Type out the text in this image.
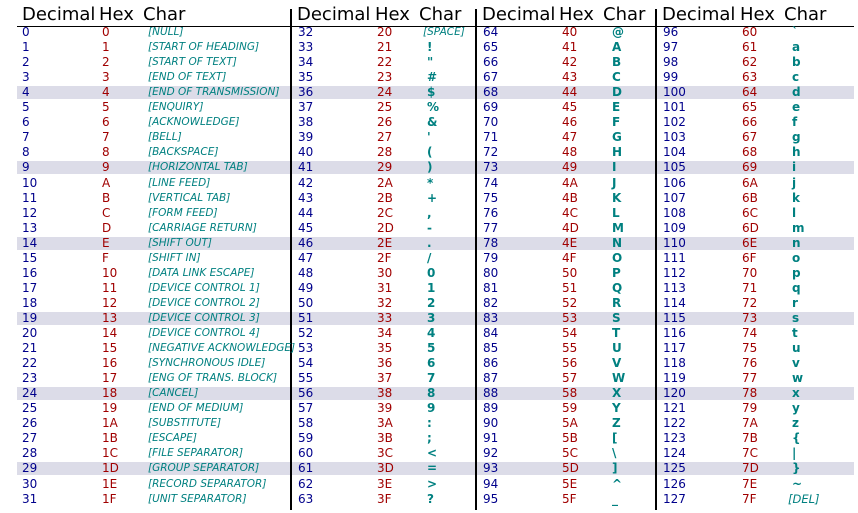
Decimal Hex Char
0	0	[NULL]
1	1	[START OF HEADING]
2	2	[START OF TEXT]
3	3	[END OF TEXT]
4	4	[END OF TRANSMISSION]
5	5	[ENQUIRY]
6	6	[ACKNOWLEDGE]
7	7	[BELL]
8	8	[BACKSPACE]
9	9	[HORIZONTAL TAB]
10	A	[LINE FEED]
11	B	[VERTICAL TAB]
12	C	[FORM FEED]
13	D	[CARRIAGE RETURN]
14	E	[SHIFT OUT]
15	F	[SHIFT IN]
16	10	[DATA LINK ESCAPE]
17	11	[DEVICE CONTROL 1]
18	12	[DEVICE CONTROL 2]
19	13	[DEVICE CONTROL 3]
20	14	[DEVICE CONTROL 4]
21	15	[NEGATIVE ACKNOWLEDGE]
22	16	[SYNCHRONOUS IDLE]
23	17	[ENG OF TRANS. BLOCK]
24	18	[CANCEL]
25	19	[END OF MEDIUM]
26	1A	[SUBSTITUTE]
27	1B	[ESCAPE]
28	1C	[FILE SEPARATOR]
29	1D	[GROUP SEPARATOR]
30	1E	[RECORD SEPARATOR]
31	1F	[UNIT SEPARATOR]
Decimal Hex Char
32	20	[SPACE]
33	21	!
34	22	"
35	23	#
36	24	$
37	25	%
38	26	&
39	27	'
40	28	(
41	29	)
42	2A	*
43	2B	+
44	2C	,
45	2D	-
46	2E	.
47	2F	/
48	30	0
49	31	1
50	32	2
51	33	3
52	34	4
53	35	5
54	36	6
55	37	7
56	38	8
57	39	9
58	3A	:
59	3B	;
60	3C	<
61	3D	=
62	3E	>
63	3F	?
Decimal Hex Char
64	40	@
65	41	A
66	42	B
67	43	C
68	44	D
69	45	E
70	46	F
71	47	G
72	48	H
73	49	I
74	4A	J
75	4B	K
76	4C	L
77	4D	M
78	4E	N
79	4F	O
80	50	P
81	51	Q
82	52	R
83	53	S
84	54	T
85	55	U
86	56	V
87	57	W
88	58	X
89	59	Y
90	5A	Z
91	5B	[
92	5C	\
93	5D	]
94	5E	^
95	5F	_
Decimal Hex Char
96	60	`
97	61	a
98	62	b
99	63	c
100	64	d
101	65	e
102	66	f
103	67	g
104	68	h
105	69	i
106	6A	j
107	6B	k
108	6C	l
109	6D	m
110	6E	n
111	6F	o
112	70	p
113	71	q
114	72	r
115	73	s
116	74	t
117	75	u
118	76	v
119	77	w
120	78	x
121	79	y
122	7A	z
123	7B	{
124	7C	|
125	7D	}
126	7E	~
127	7F	[DEL]
